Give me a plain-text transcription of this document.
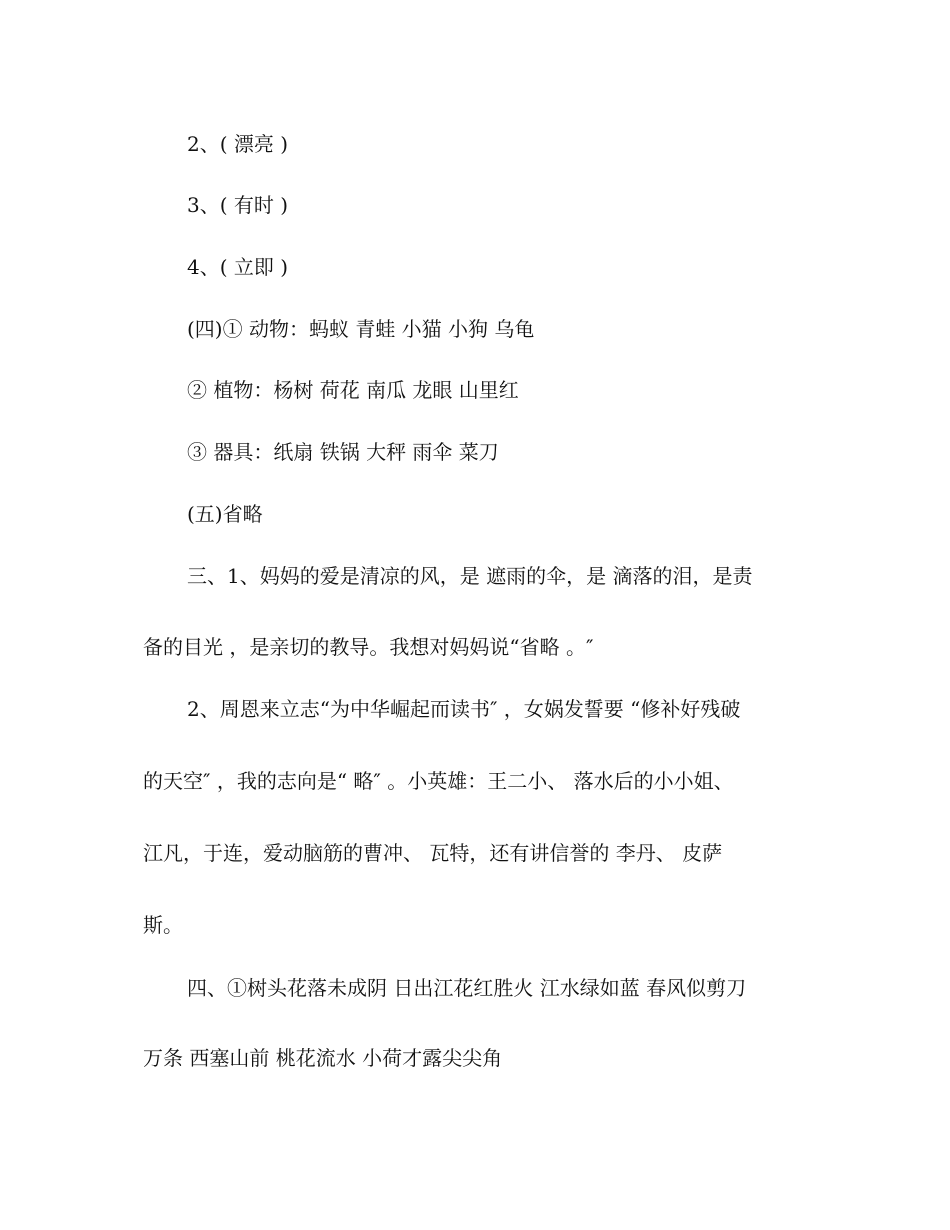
2、( 漂亮 )
3、( 有时 )
4、( 立即 )
(四)① 动物：蚂蚁 青蛙 小猫 小狗 乌龟
② 植物：杨树 荷花 南瓜 龙眼 山里红
③ 器具：纸扇 铁锅 大秤 雨伞 菜刀
(五)省略
三、1、妈妈的爱是清凉的风，是 遮雨的伞，是 滴落的泪，是责
备的目光 ，是亲切的教导。我想对妈妈说“省略 。″
2、周恩来立志“为中华崛起而读书″ ，女娲发誓要 “修补好残破
的天空″ ，我的志向是“ 略″ 。小英雄：王二小、 落水后的小小姐、
江凡，于连，爱动脑筋的曹冲、 瓦特，还有讲信誉的 李丹、 皮萨
斯。
四、①树头花落未成阴 日出江花红胜火 江水绿如蓝 春风似剪刀
万条 西塞山前 桃花流水 小荷才露尖尖角
